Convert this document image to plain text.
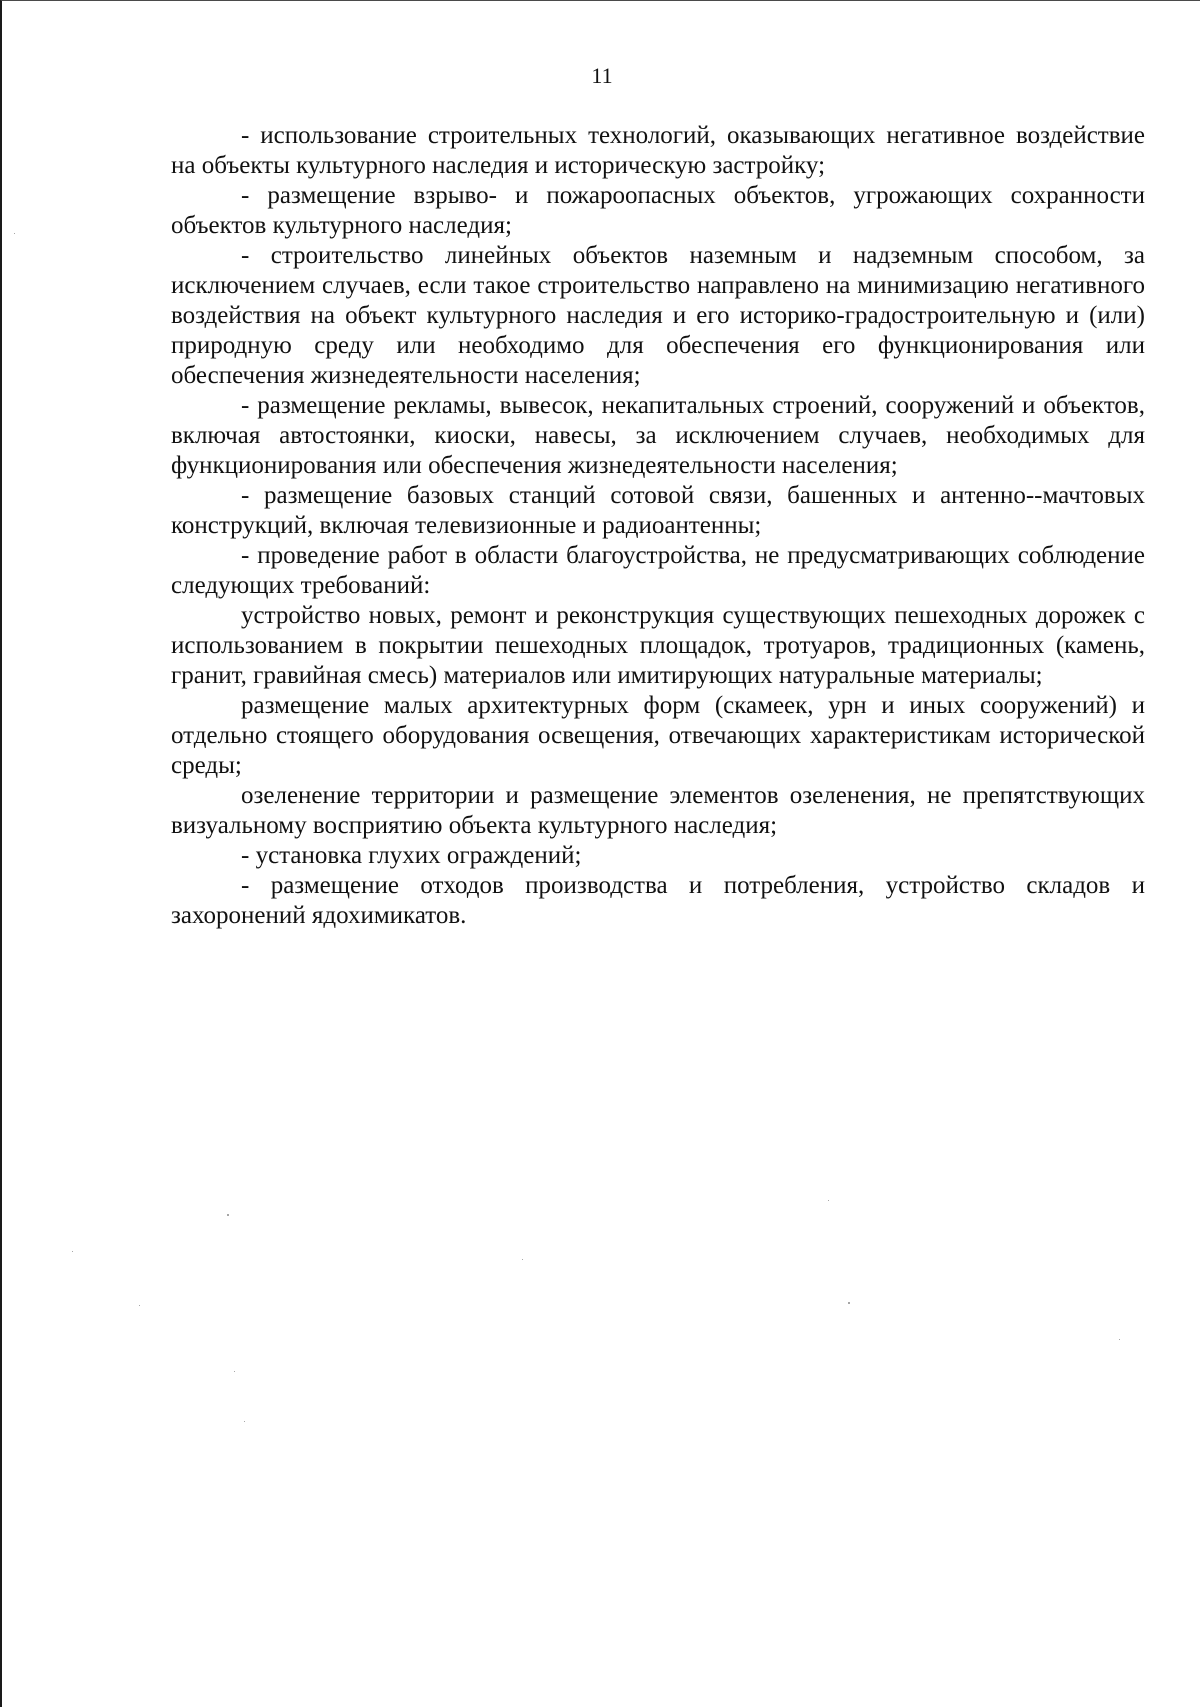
11

- использование строительных технологий, оказывающих негативное воздействие на объекты культурного наследия и историческую застройку;

- размещение взрыво- и пожароопасных объектов, угрожающих сохранности объектов культурного наследия;

- строительство линейных объектов наземным и надземным способом, за исключением случаев, если такое строительство направлено на минимизацию негативного воздействия на объект культурного наследия и его историко-градостроительную и (или) природную среду или необходимо для обеспечения его функционирования или обеспечения жизнедеятельности населения;

- размещение рекламы, вывесок, некапитальных строений, сооружений и объектов, включая автостоянки, киоски, навесы, за исключением случаев, необходимых для функционирования или обеспечения жизнедеятельности населения;

- размещение базовых станций сотовой связи, башенных и антенно--мачтовых конструкций, включая телевизионные и радиоантенны;

- проведение работ в области благоустройства, не предусматривающих соблюдение следующих требований:

устройство новых, ремонт и реконструкция существующих пешеходных дорожек с использованием в покрытии пешеходных площадок, тротуаров, традиционных (камень, гранит, гравийная смесь) материалов или имитирующих натуральные материалы;

размещение малых архитектурных форм (скамеек, урн и иных сооружений) и отдельно стоящего оборудования освещения, отвечающих характеристикам исторической среды;

озеленение территории и размещение элементов озеленения, не препятствующих визуальному восприятию объекта культурного наследия;

- установка глухих ограждений;

- размещение отходов производства и потребления, устройство складов и захоронений ядохимикатов.
